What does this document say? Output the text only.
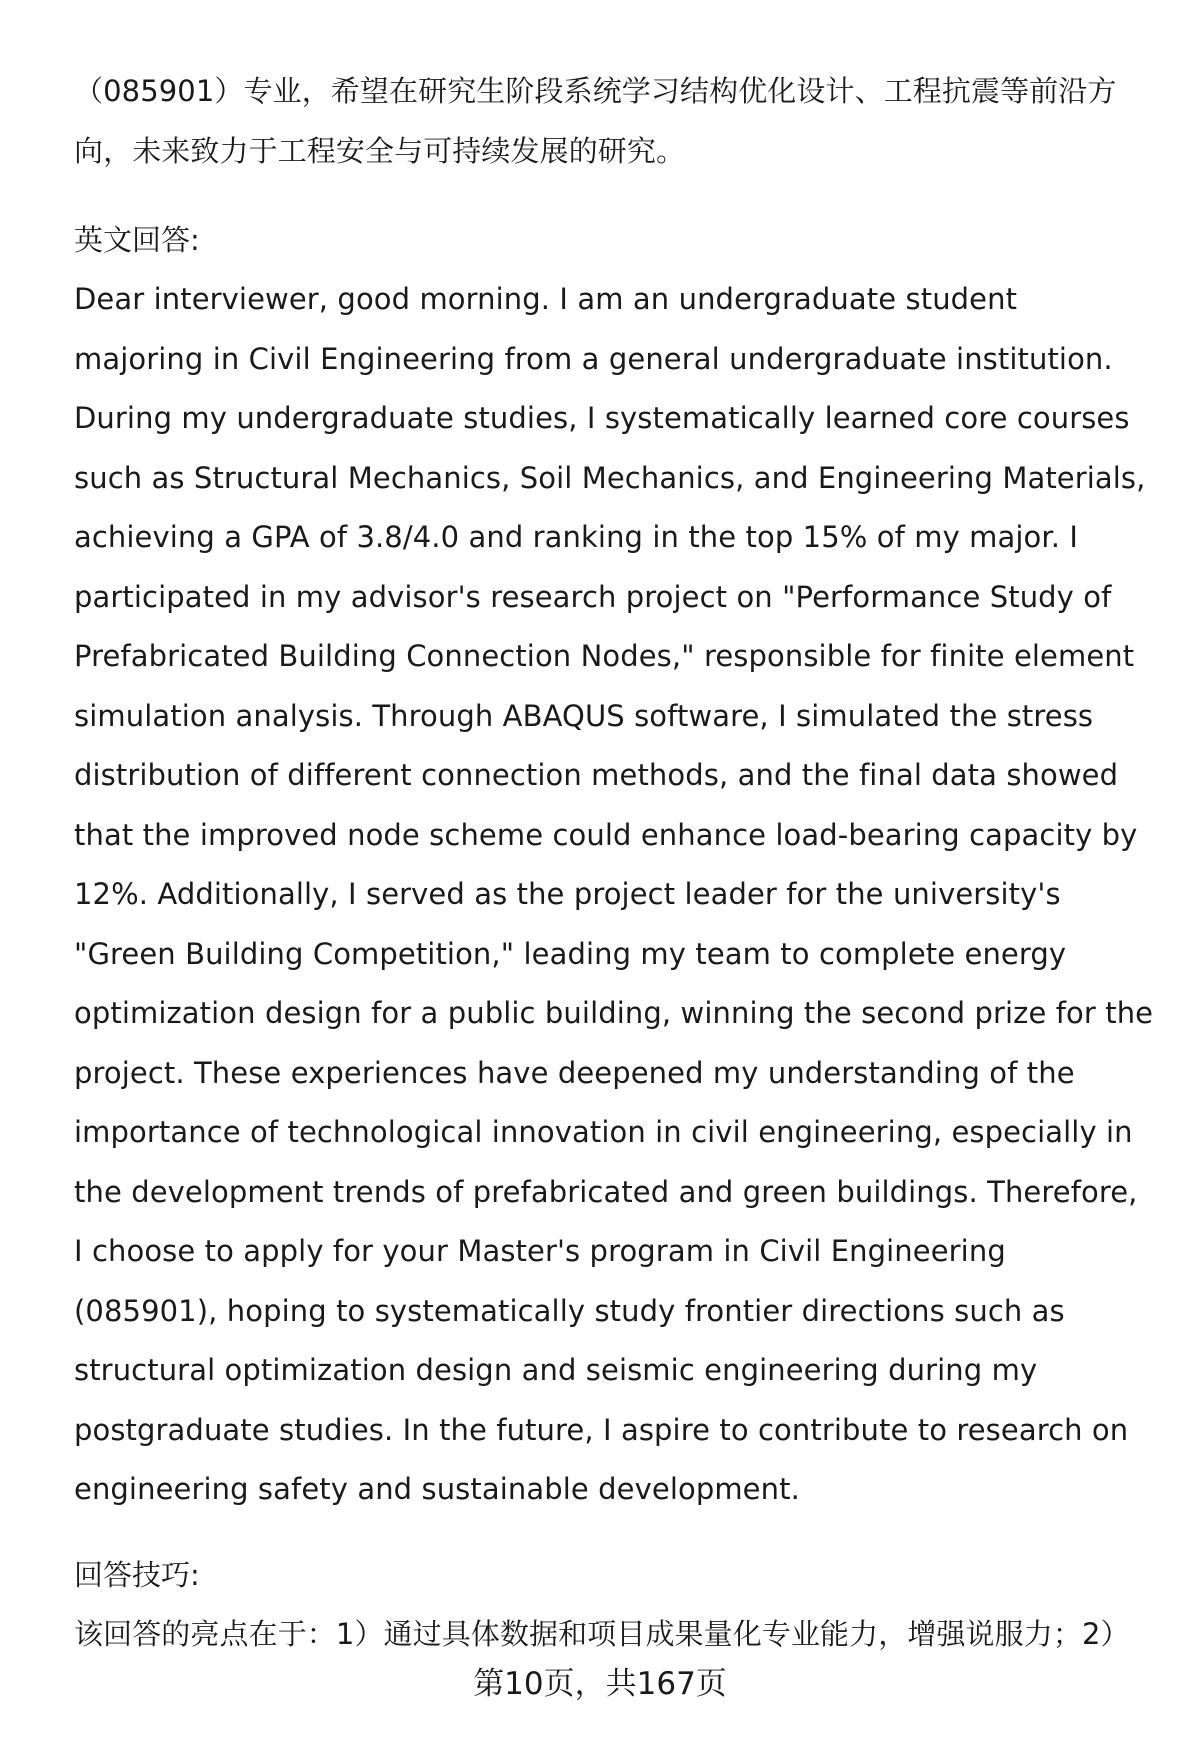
​

（085901）专业，希望在研究生阶段系统学习结构优化设计、工程抗震等前沿方向，未来致力于工程安全与可持续发展的研究。

英文回答:

Dear interviewer, good morning. I am an undergraduate student majoring in Civil Engineering from a general undergraduate institution. During my undergraduate studies, I systematically learned core courses such as Structural Mechanics, Soil Mechanics, and Engineering Materials, achieving a GPA of 3.8/4.0 and ranking in the top 15% of my major. I participated in my advisor's research project on "Performance Study of Prefabricated Building Connection Nodes," responsible for finite element simulation analysis. Through ABAQUS software, I simulated the stress distribution of different connection methods, and the final data showed that the improved node scheme could enhance load-bearing capacity by 12%. Additionally, I served as the project leader for the university's "Green Building Competition," leading my team to complete energy optimization design for a public building, winning the second prize for the project. These experiences have deepened my understanding of the importance of technological innovation in civil engineering, especially in the development trends of prefabricated and green buildings. Therefore, I choose to apply for your Master's program in Civil Engineering (085901), hoping to systematically study frontier directions such as structural optimization design and seismic engineering during my postgraduate studies. In the future, I aspire to contribute to research on engineering safety and sustainable development.

回答技巧:

该回答的亮点在于：1）通过具体数据和项目成果量化专业能力，增强说服力；2）

第10页，共167页
